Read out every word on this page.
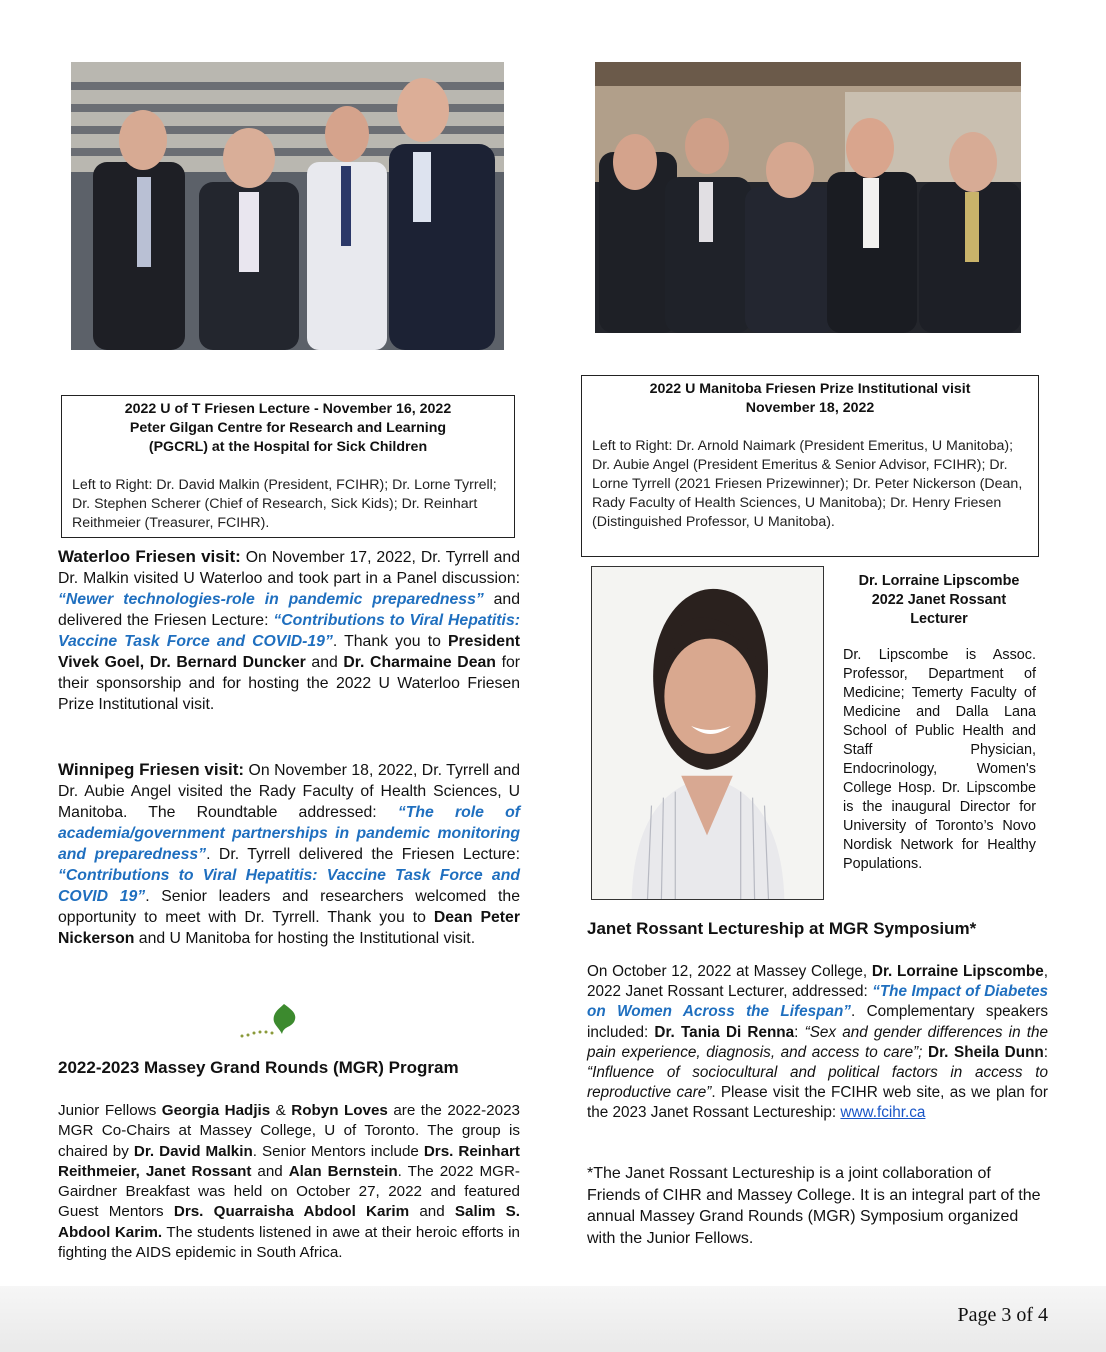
2022 U of T Friesen Lecture - November 16, 2022
Peter Gilgan Centre for Research and Learning
(PGCRL) at the Hospital for Sick Children
Left to Right: Dr. David Malkin (President, FCIHR); Dr. Lorne Tyrrell; Dr. Stephen Scherer (Chief of Research, Sick Kids); Dr. Reinhart Reithmeier (Treasurer, FCIHR).
2022 U Manitoba Friesen Prize Institutional visit
November 18, 2022
Left to Right: Dr. Arnold Naimark (President Emeritus, U Manitoba); Dr. Aubie Angel (President Emeritus & Senior Advisor, FCIHR); Dr. Lorne Tyrrell (2021 Friesen Prizewinner); Dr. Peter Nickerson (Dean, Rady Faculty of Health Sciences, U Manitoba); Dr. Henry Friesen (Distinguished Professor, U Manitoba).

Waterloo Friesen visit: On November 17, 2022, Dr. Tyrrell and Dr. Malkin visited U Waterloo and took part in a Panel discussion: “Newer technologies-role in pandemic preparedness” and delivered the Friesen Lecture: “Contributions to Viral Hepatitis: Vaccine Task Force and COVID-19”. Thank you to President Vivek Goel, Dr. Bernard Duncker and Dr. Charmaine Dean for their sponsorship and for hosting the 2022 U Waterloo Friesen Prize Institutional visit.

Winnipeg Friesen visit: On November 18, 2022, Dr. Tyrrell and Dr. Aubie Angel visited the Rady Faculty of Health Sciences, U Manitoba. The Roundtable addressed: “The role of academia/government partnerships in pandemic monitoring and preparedness”. Dr. Tyrrell delivered the Friesen Lecture: “Contributions to Viral Hepatitis: Vaccine Task Force and COVID 19”. Senior leaders and researchers welcomed the opportunity to meet with Dr. Tyrrell. Thank you to Dean Peter Nickerson and U Manitoba for hosting the Institutional visit.

2022-2023 Massey Grand Rounds (MGR) Program

Junior Fellows Georgia Hadjis & Robyn Loves are the 2022-2023 MGR Co-Chairs at Massey College, U of Toronto. The group is chaired by Dr. David Malkin. Senior Mentors include Drs. Reinhart Reithmeier, Janet Rossant and Alan Bernstein. The 2022 MGR-Gairdner Breakfast was held on October 27, 2022 and featured Guest Mentors Drs. Quarraisha Abdool Karim and Salim S. Abdool Karim. The students listened in awe at their heroic efforts in fighting the AIDS epidemic in South Africa.

Dr. Lorraine Lipscombe
2022 Janet Rossant
Lecturer
Dr. Lipscombe is Assoc. Professor, Department of Medicine; Temerty Faculty of Medicine and Dalla Lana School of Public Health and Staff Physician, Endocrinology, Women's College Hosp. Dr. Lipscombe is the inaugural Director for University of Toronto’s Novo Nordisk Network for Healthy Populations.
Janet Rossant Lectureship at MGR Symposium*

On October 12, 2022 at Massey College, Dr. Lorraine Lipscombe, 2022 Janet Rossant Lecturer, addressed: “The Impact of Diabetes on Women Across the Lifespan”. Complementary speakers included: Dr. Tania Di Renna: “Sex and gender differences in the pain experience, diagnosis, and access to care”; Dr. Sheila Dunn: “Influence of sociocultural and political factors in access to reproductive care”. Please visit the FCIHR web site, as we plan for the 2023 Janet Rossant Lectureship: www.fcihr.ca

*The Janet Rossant Lectureship is a joint collaboration of Friends of CIHR and Massey College. It is an integral part of the annual Massey Grand Rounds (MGR) Symposium organized with the Junior Fellows.
Page 3 of 4
